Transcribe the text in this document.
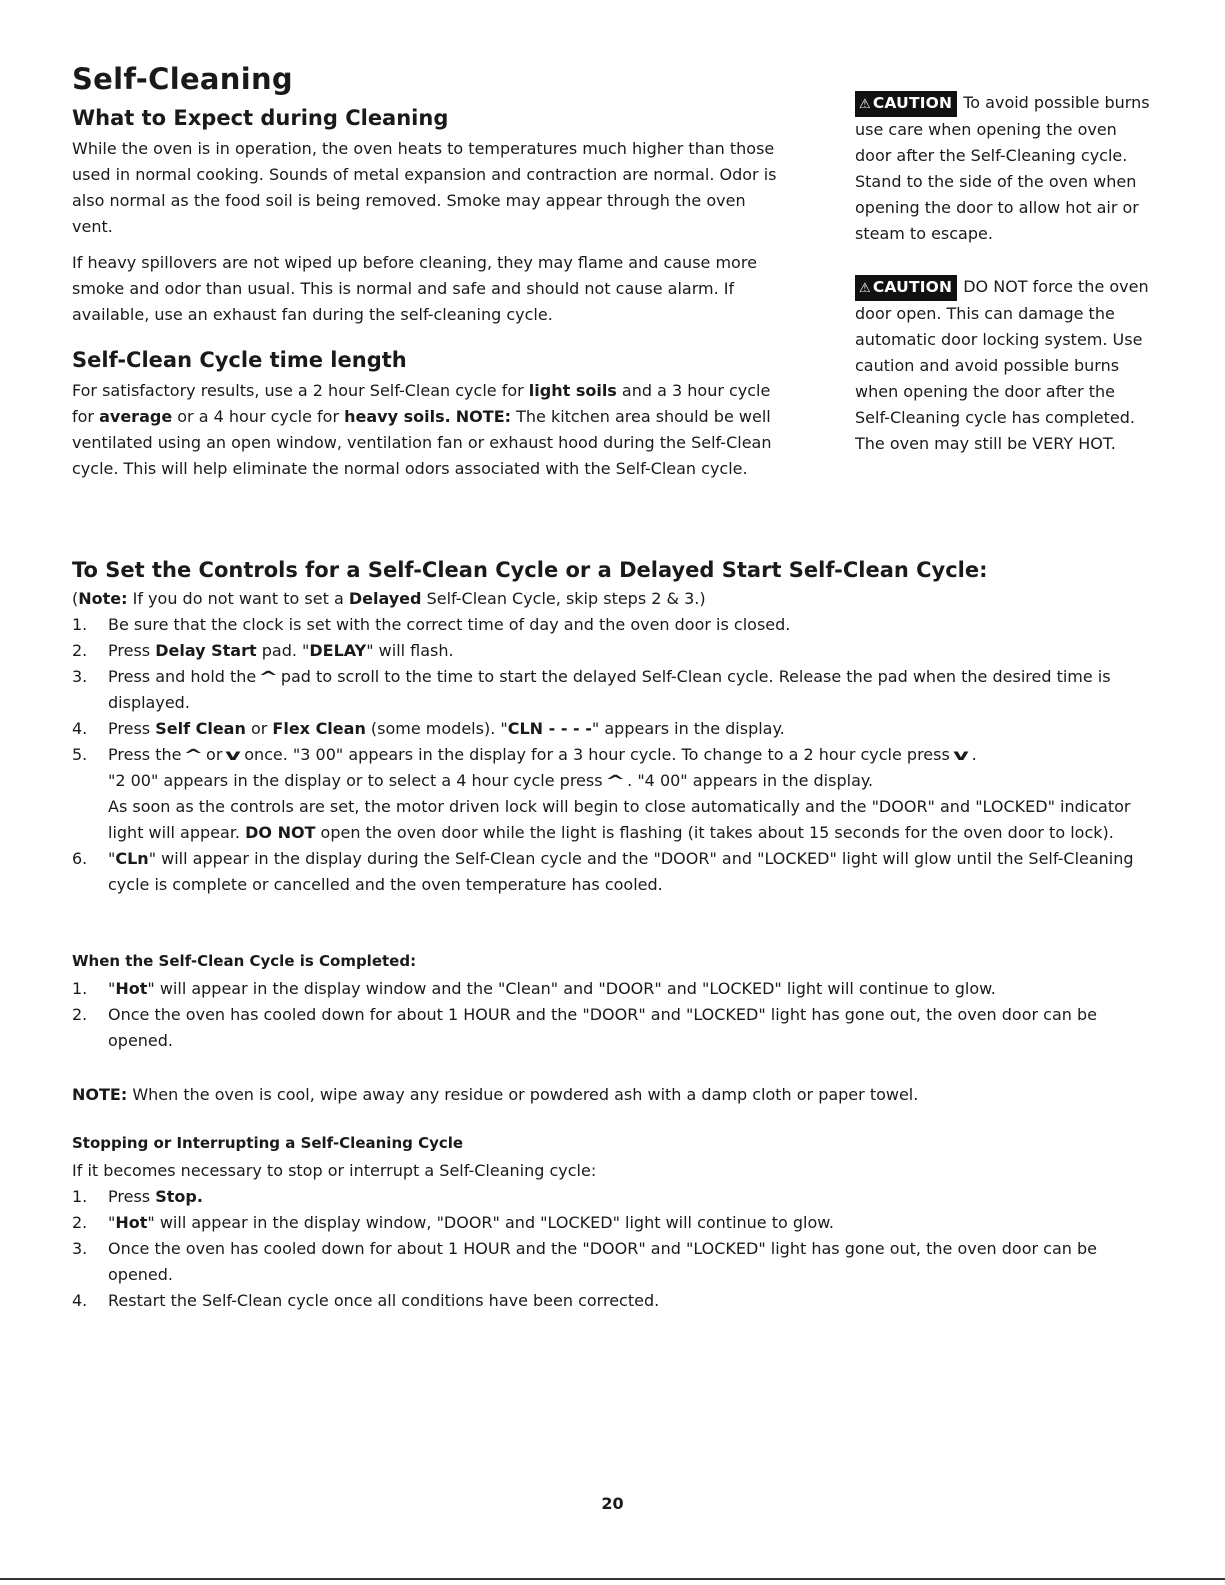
Self-Cleaning
What to Expect during Cleaning

While the oven is in operation, the oven heats to temperatures much higher than those used in normal cooking. Sounds of metal expansion and contraction are normal. Odor is also normal as the food soil is being removed. Smoke may appear through the oven vent.

If heavy spillovers are not wiped up before cleaning, they may flame and cause more smoke and odor than usual. This is normal and safe and should not cause alarm. If available, use an exhaust fan during the self-cleaning cycle.

Self-Clean Cycle time length

For satisfactory results, use a 2 hour Self-Clean cycle for light soils and a 3 hour cycle for average or a 4 hour cycle for heavy soils. NOTE: The kitchen area should be well ventilated using an open window, ventilation fan or exhaust hood during the Self-Clean cycle. This will help eliminate the normal odors associated with the Self-Clean cycle.

⚠ CAUTION To avoid possible burns use care when opening the oven door after the Self-Cleaning cycle. Stand to the side of the oven when opening the door to allow hot air or steam to escape.
⚠ CAUTION DO NOT force the oven door open. This can damage the automatic door locking system. Use caution and avoid possible burns when opening the door after the Self-Cleaning cycle has completed. The oven may still be VERY HOT.
To Set the Controls for a Self-Clean Cycle or a Delayed Start Self-Clean Cycle:

(Note: If you do not want to set a Delayed Self-Clean Cycle, skip steps 2 & 3.)

1. Be sure that the clock is set with the correct time of day and the oven door is closed.
2. Press Delay Start pad. "DELAY" will flash.
3. Press and hold the ^ pad to scroll to the time to start the delayed Self-Clean cycle. Release the pad when the desired time is displayed.
4. Press Self Clean or Flex Clean (some models). "CLN - - - -" appears in the display.
5. Press the ^ or v once. "3 00" appears in the display for a 3 hour cycle. To change to a 2 hour cycle press v .
"2 00" appears in the display or to select a 4 hour cycle press ^ . "4 00" appears in the display.
As soon as the controls are set, the motor driven lock will begin to close automatically and the "DOOR" and "LOCKED" indicator light will appear. DO NOT open the oven door while the light is flashing (it takes about 15 seconds for the oven door to lock).
6. "CLn" will appear in the display during the Self-Clean cycle and the "DOOR" and "LOCKED" light will glow until the Self-Cleaning cycle is complete or cancelled and the oven temperature has cooled.
When the Self-Clean Cycle is Completed:
1. "Hot" will appear in the display window and the "Clean" and "DOOR" and "LOCKED" light will continue to glow.
2. Once the oven has cooled down for about 1 HOUR and the "DOOR" and "LOCKED" light has gone out, the oven door can be opened.

NOTE: When the oven is cool, wipe away any residue or powdered ash with a damp cloth or paper towel.

Stopping or Interrupting a Self-Cleaning Cycle

If it becomes necessary to stop or interrupt a Self-Cleaning cycle:

1. Press Stop.
2. "Hot" will appear in the display window, "DOOR" and "LOCKED" light will continue to glow.
3. Once the oven has cooled down for about 1 HOUR and the "DOOR" and "LOCKED" light has gone out, the oven door can be opened.
4. Restart the Self-Clean cycle once all conditions have been corrected.
20
